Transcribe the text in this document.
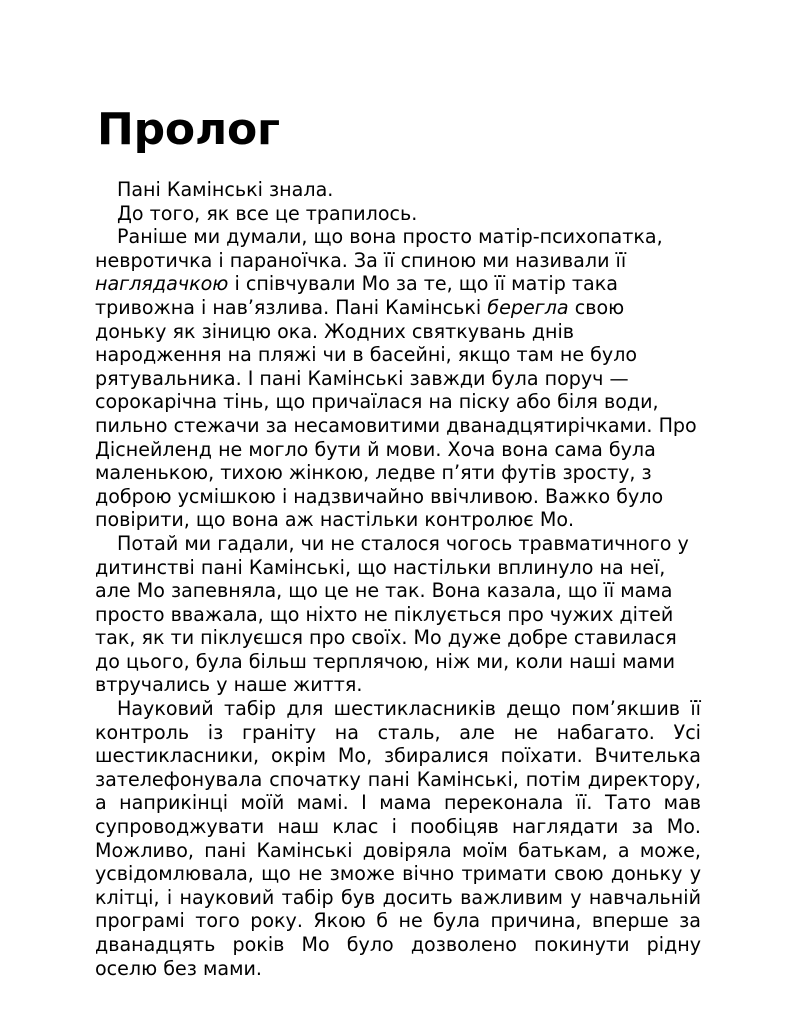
Пролог

Пані Камінські знала.

До того, як все це трапилось.

Раніше ми думали, що вона просто матір-психопатка, невротичка і параноїчка. За її спиною ми називали її наглядачкою і співчували Мо за те, що її матір така тривожна і нав’язлива. Пані Камінські берегла свою доньку як зіницю ока. Жодних святкувань днів народження на пляжі чи в басейні, якщо там не було рятувальника. І пані Камінські завжди була поруч — сорокарічна тінь, що причаїлася на піску або біля води, пильно стежачи за несамовитими дванадцятирічками. Про Діснейленд не могло бути й мови. Хоча вона сама була маленькою, тихою жінкою, ледве п’яти футів зросту, з доброю усмішкою і надзвичайно ввічливою. Важко було повірити, що вона аж настільки контролює Мо.

Потай ми гадали, чи не сталося чогось травматичного у дитинстві пані Камінські, що настільки вплинуло на неї, але Мо запевняла, що це не так. Вона казала, що її мама просто вважала, що ніхто не піклується про чужих дітей так, як ти піклуєшся про своїх. Мо дуже добре ставилася до цього, була більш терплячою, ніж ми, коли наші мами втручались у наше життя.

Науковий табір для шестикласників дещо пом’якшив її контроль із граніту на сталь, але не набагато. Усі шестикласники, окрім Мо, збиралися поїхати. Вчителька зателефонувала спочатку пані Камінські, потім директору, а наприкінці моїй мамі. І мама переконала її. Тато мав супроводжувати наш клас і пообіцяв наглядати за Мо. Можливо, пані Камінські довіряла моїм батькам, а може, усвідомлювала, що не зможе вічно тримати свою доньку у клітці, і науковий табір був досить важливим у навчальній програмі того року. Якою б не була причина, вперше за дванадцять років Мо було дозволено покинути рідну оселю без мами.
